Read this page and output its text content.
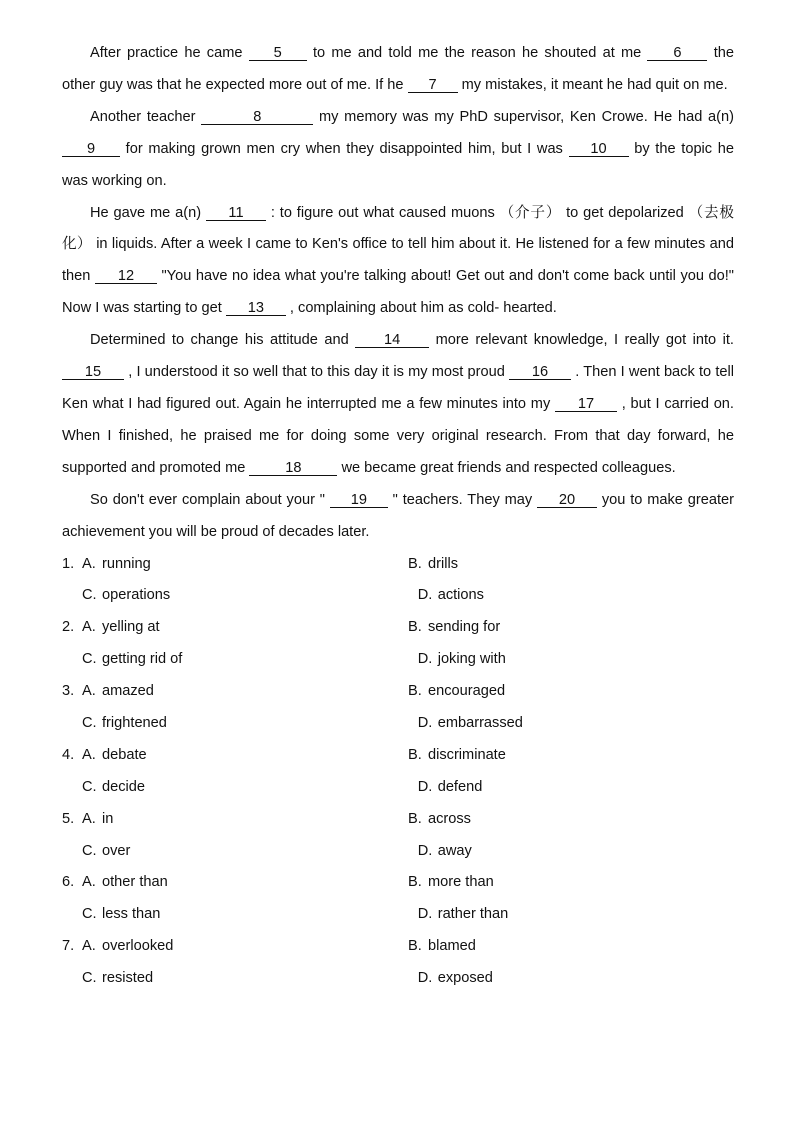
After practice he came 5 to me and told me the reason he shouted at me 6 the other guy was that he expected more out of me. If he 7 my mistakes, it meant he had quit on me.

Another teacher	8	my memory was my PhD supervisor, Ken Crowe. He had a(n) 9 for making grown men cry when they disappointed him, but I was 10 by the topic he was working on.

He gave me a(n) 11 : to figure out what caused muons （介子） to get depolarized （去极化） in liquids. After a week I came to Ken's office to tell him about it. He listened for a few minutes and then 12 "You have no idea what you're talking about! Get out and don't come back until you do!" Now I was starting to get 13 , complaining about him as cold- hearted.

Determined to change his attitude and 14 more relevant knowledge, I really got into it. 15 , I understood it so well that to this day it is my most proud 16 . Then I went back to tell Ken what I had figured out. Again he interrupted me a few minutes into my 17 , but I carried on. When I finished, he praised me for doing some very original research. From that day forward, he supported and promoted me 18 we became great friends and respected colleagues.

So don't ever complain about your " 19 " teachers. They may 20 you to make greater achievement you will be proud of decades later.

1. A. running	B. drills
C. operations	D. actions
2. A. yelling at	B. sending for
C. getting rid of	D. joking with
3. A. amazed	B. encouraged
C. frightened	D. embarrassed
4. A. debate	B. discriminate
C. decide	D. defend
5. A. in	B. across
C. over	D. away
6. A. other than	B. more than
C. less than	D. rather than
7. A. overlooked	B. blamed
C. resisted	D. exposed
